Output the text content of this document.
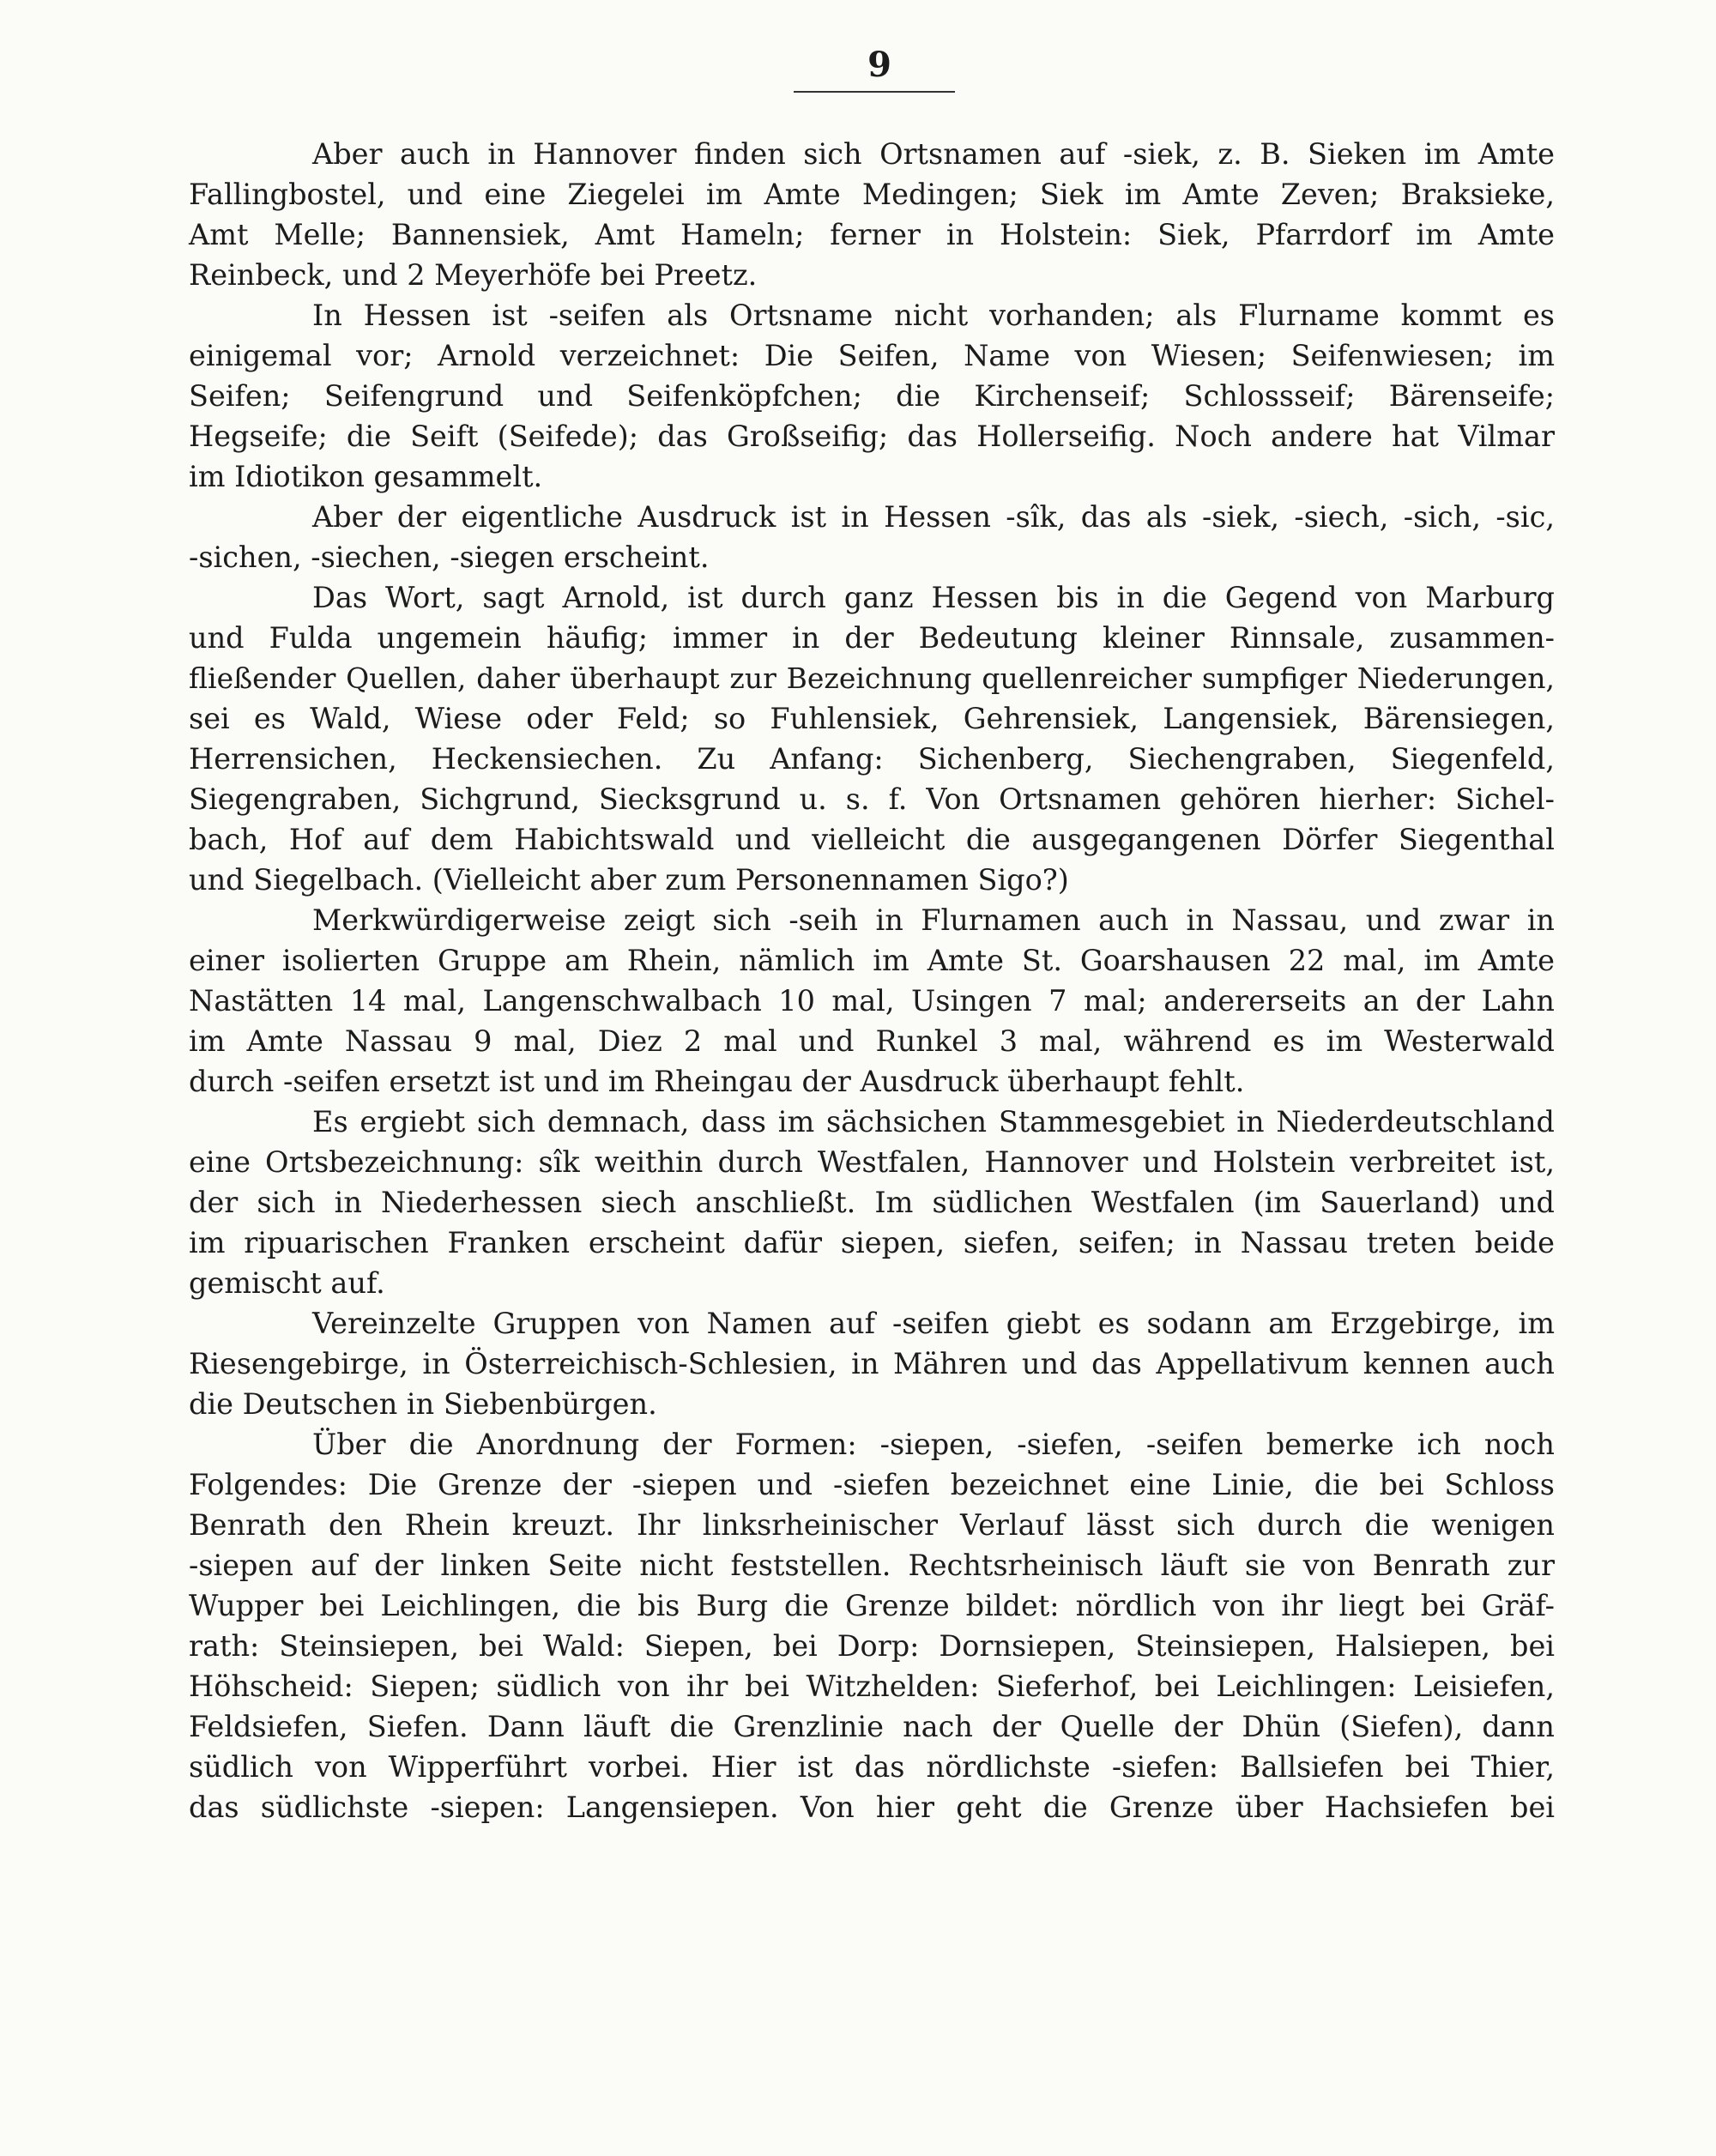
9
Aber auch in Hannover finden sich Ortsnamen auf -siek, z. B. Sieken im Amte
Fallingbostel, und eine Ziegelei im Amte Medingen; Siek im Amte Zeven; Braksieke,
Amt Melle; Bannensiek, Amt Hameln; ferner in Holstein: Siek, Pfarrdorf im Amte
Reinbeck, und 2 Meyerhöfe bei Preetz.
In Hessen ist -seifen als Ortsname nicht vorhanden; als Flurname kommt es
einigemal vor; Arnold verzeichnet: Die Seifen, Name von Wiesen; Seifenwiesen; im
Seifen; Seifengrund und Seifenköpfchen; die Kirchenseif; Schlossseif; Bärenseife;
Hegseife; die Seift (Seifede); das Großseifig; das Hollerseifig. Noch andere hat Vilmar
im Idiotikon gesammelt.
Aber der eigentliche Ausdruck ist in Hessen -sîk, das als -siek, -siech, -sich, -sic,
-sichen, -siechen, -siegen erscheint.
Das Wort, sagt Arnold, ist durch ganz Hessen bis in die Gegend von Marburg
und Fulda ungemein häufig; immer in der Bedeutung kleiner Rinnsale, zusammen-
fließender Quellen, daher überhaupt zur Bezeichnung quellenreicher sumpfiger Niederungen,
sei es Wald, Wiese oder Feld; so Fuhlensiek, Gehrensiek, Langensiek, Bärensiegen,
Herrensichen, Heckensiechen. Zu Anfang: Sichenberg, Siechengraben, Siegenfeld,
Siegengraben, Sichgrund, Siecksgrund u. s. f. Von Ortsnamen gehören hierher: Sichel-
bach, Hof auf dem Habichtswald und vielleicht die ausgegangenen Dörfer Siegenthal
und Siegelbach. (Vielleicht aber zum Personennamen Sigo?)
Merkwürdigerweise zeigt sich -seih in Flurnamen auch in Nassau, und zwar in
einer isolierten Gruppe am Rhein, nämlich im Amte St. Goarshausen 22 mal, im Amte
Nastätten 14 mal, Langenschwalbach 10 mal, Usingen 7 mal; andererseits an der Lahn
im Amte Nassau 9 mal, Diez 2 mal und Runkel 3 mal, während es im Westerwald
durch -seifen ersetzt ist und im Rheingau der Ausdruck überhaupt fehlt.
Es ergiebt sich demnach, dass im sächsichen Stammesgebiet in Niederdeutschland
eine Ortsbezeichnung: sîk weithin durch Westfalen, Hannover und Holstein verbreitet ist,
der sich in Niederhessen siech anschließt. Im südlichen Westfalen (im Sauerland) und
im ripuarischen Franken erscheint dafür siepen, siefen, seifen; in Nassau treten beide
gemischt auf.
Vereinzelte Gruppen von Namen auf -seifen giebt es sodann am Erzgebirge, im
Riesengebirge, in Österreichisch-Schlesien, in Mähren und das Appellativum kennen auch
die Deutschen in Siebenbürgen.
Über die Anordnung der Formen: -siepen, -siefen, -seifen bemerke ich noch
Folgendes: Die Grenze der -siepen und -siefen bezeichnet eine Linie, die bei Schloss
Benrath den Rhein kreuzt. Ihr linksrheinischer Verlauf lässt sich durch die wenigen
-siepen auf der linken Seite nicht feststellen. Rechtsrheinisch läuft sie von Benrath zur
Wupper bei Leichlingen, die bis Burg die Grenze bildet: nördlich von ihr liegt bei Gräf-
rath: Steinsiepen, bei Wald: Siepen, bei Dorp: Dornsiepen, Steinsiepen, Halsiepen, bei
Höhscheid: Siepen; südlich von ihr bei Witzhelden: Sieferhof, bei Leichlingen: Leisiefen,
Feldsiefen, Siefen. Dann läuft die Grenzlinie nach der Quelle der Dhün (Siefen), dann
südlich von Wipperführt vorbei. Hier ist das nördlichste -siefen: Ballsiefen bei Thier,
das südlichste -siepen: Langensiepen. Von hier geht die Grenze über Hachsiefen bei
